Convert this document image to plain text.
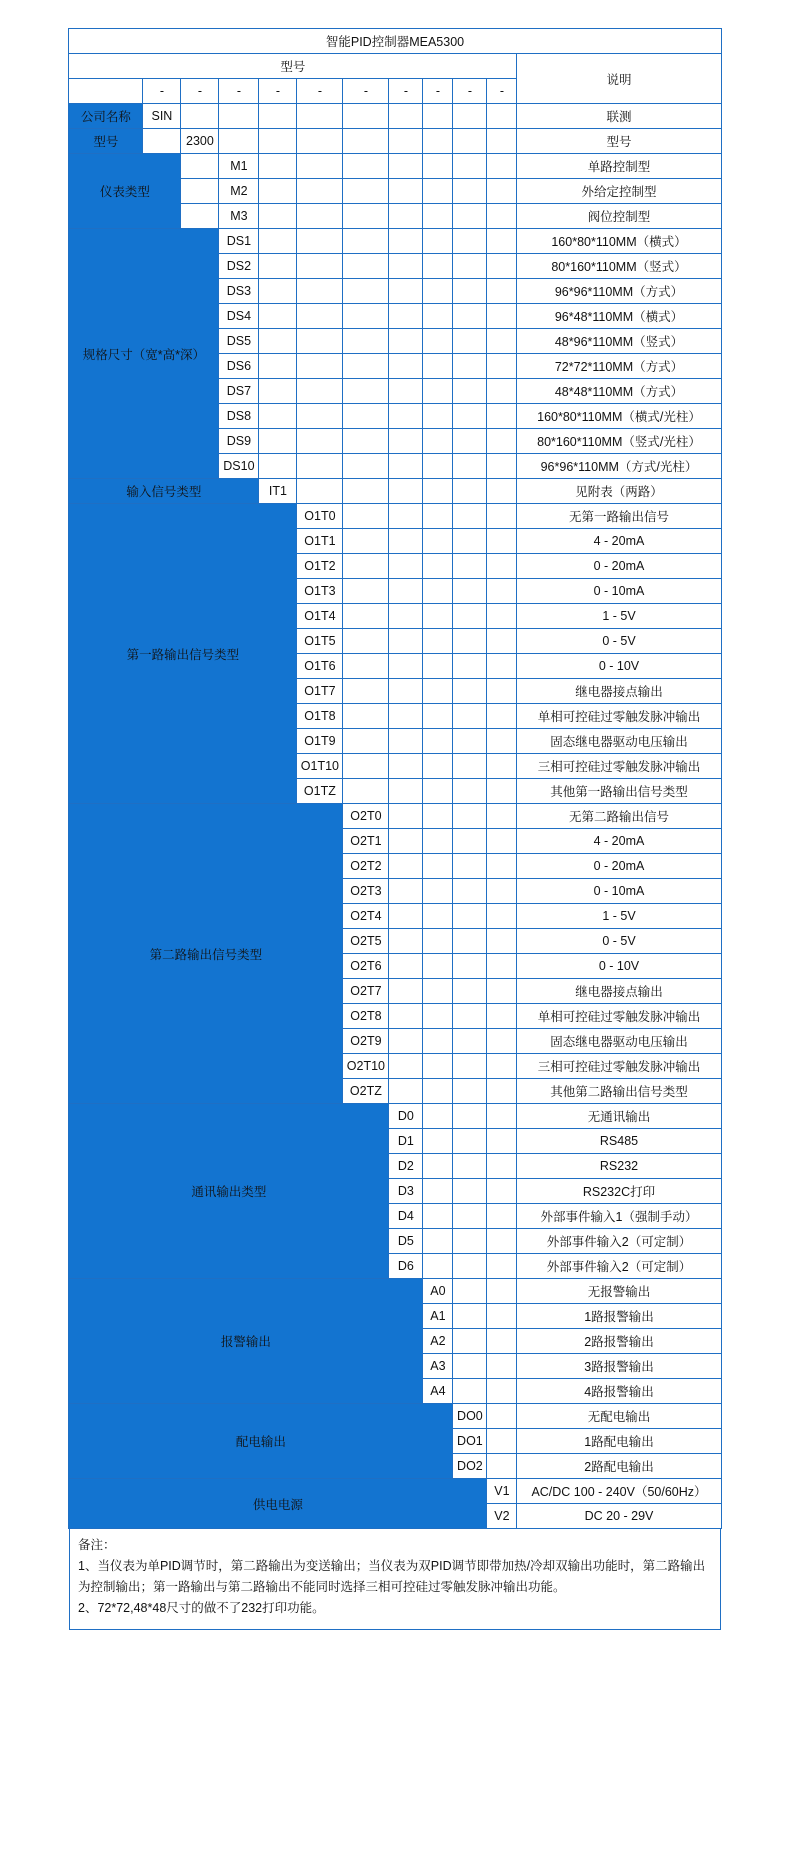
智能PID控制器MEA5300											
型号											说明
	-	-	-	-	-	-	-	-	-	-	
公司名称	SIN										联测
型号		2300									型号
仪表类型			M1								单路控制型
			M2								外给定控制型
			M3								阀位控制型
规格尺寸（宽*高*深）			DS1								160*80*110MM（横式）
			DS2								80*160*110MM（竖式）
			DS3								96*96*110MM（方式）
			DS4								96*48*110MM（横式）
			DS5								48*96*110MM（竖式）
			DS6								72*72*110MM（方式）
			DS7								48*48*110MM（方式）
			DS8								160*80*110MM（横式/光柱）
			DS9								80*160*110MM（竖式/光柱）
			DS10								96*96*110MM（方式/光柱）
输入信号类型				IT1							见附表（两路）
第一路输出信号类型					O1T0						无第一路输出信号
					O1T1						4 - 20mA
					O1T2						0 - 20mA
					O1T3						0 - 10mA
					O1T4						1 - 5V
					O1T5						0 - 5V
					O1T6						0 - 10V
					O1T7						继电器接点输出
					O1T8						单相可控硅过零触发脉冲输出
					O1T9						固态继电器驱动电压输出
					O1T10						三相可控硅过零触发脉冲输出
					O1TZ						其他第一路输出信号类型
第二路输出信号类型						O2T0					无第二路输出信号
						O2T1					4 - 20mA
						O2T2					0 - 20mA
						O2T3					0 - 10mA
						O2T4					1 - 5V
						O2T5					0 - 5V
						O2T6					0 - 10V
						O2T7					继电器接点输出
						O2T8					单相可控硅过零触发脉冲输出
						O2T9					固态继电器驱动电压输出
						O2T10					三相可控硅过零触发脉冲输出
						O2TZ					其他第二路输出信号类型
通讯输出类型							D0				无通讯输出
							D1				RS485
							D2				RS232
							D3				RS232C打印
							D4				外部事件输入1（强制手动）
							D5				外部事件输入2（可定制）
							D6				外部事件输入2（可定制）
报警输出								A0			无报警输出
								A1			1路报警输出
								A2			2路报警输出
								A3			3路报警输出
								A4			4路报警输出
配电输出									DO0		无配电输出
									DO1		1路配电输出
									DO2		2路配电输出
供电电源										V1	AC/DC 100 - 240V（50/60Hz）
										V2	DC 20 - 29V
备注：
1、当仪表为单PID调节时，第二路输出为变送输出；当仪表为双PID调节即带加热/冷却双输出功能时，第二路输出为控制输出；第一路输出与第二路输出不能同时选择三相可控硅过零触发脉冲输出功能。
2、72*72,48*48尺寸的做不了232打印功能。
